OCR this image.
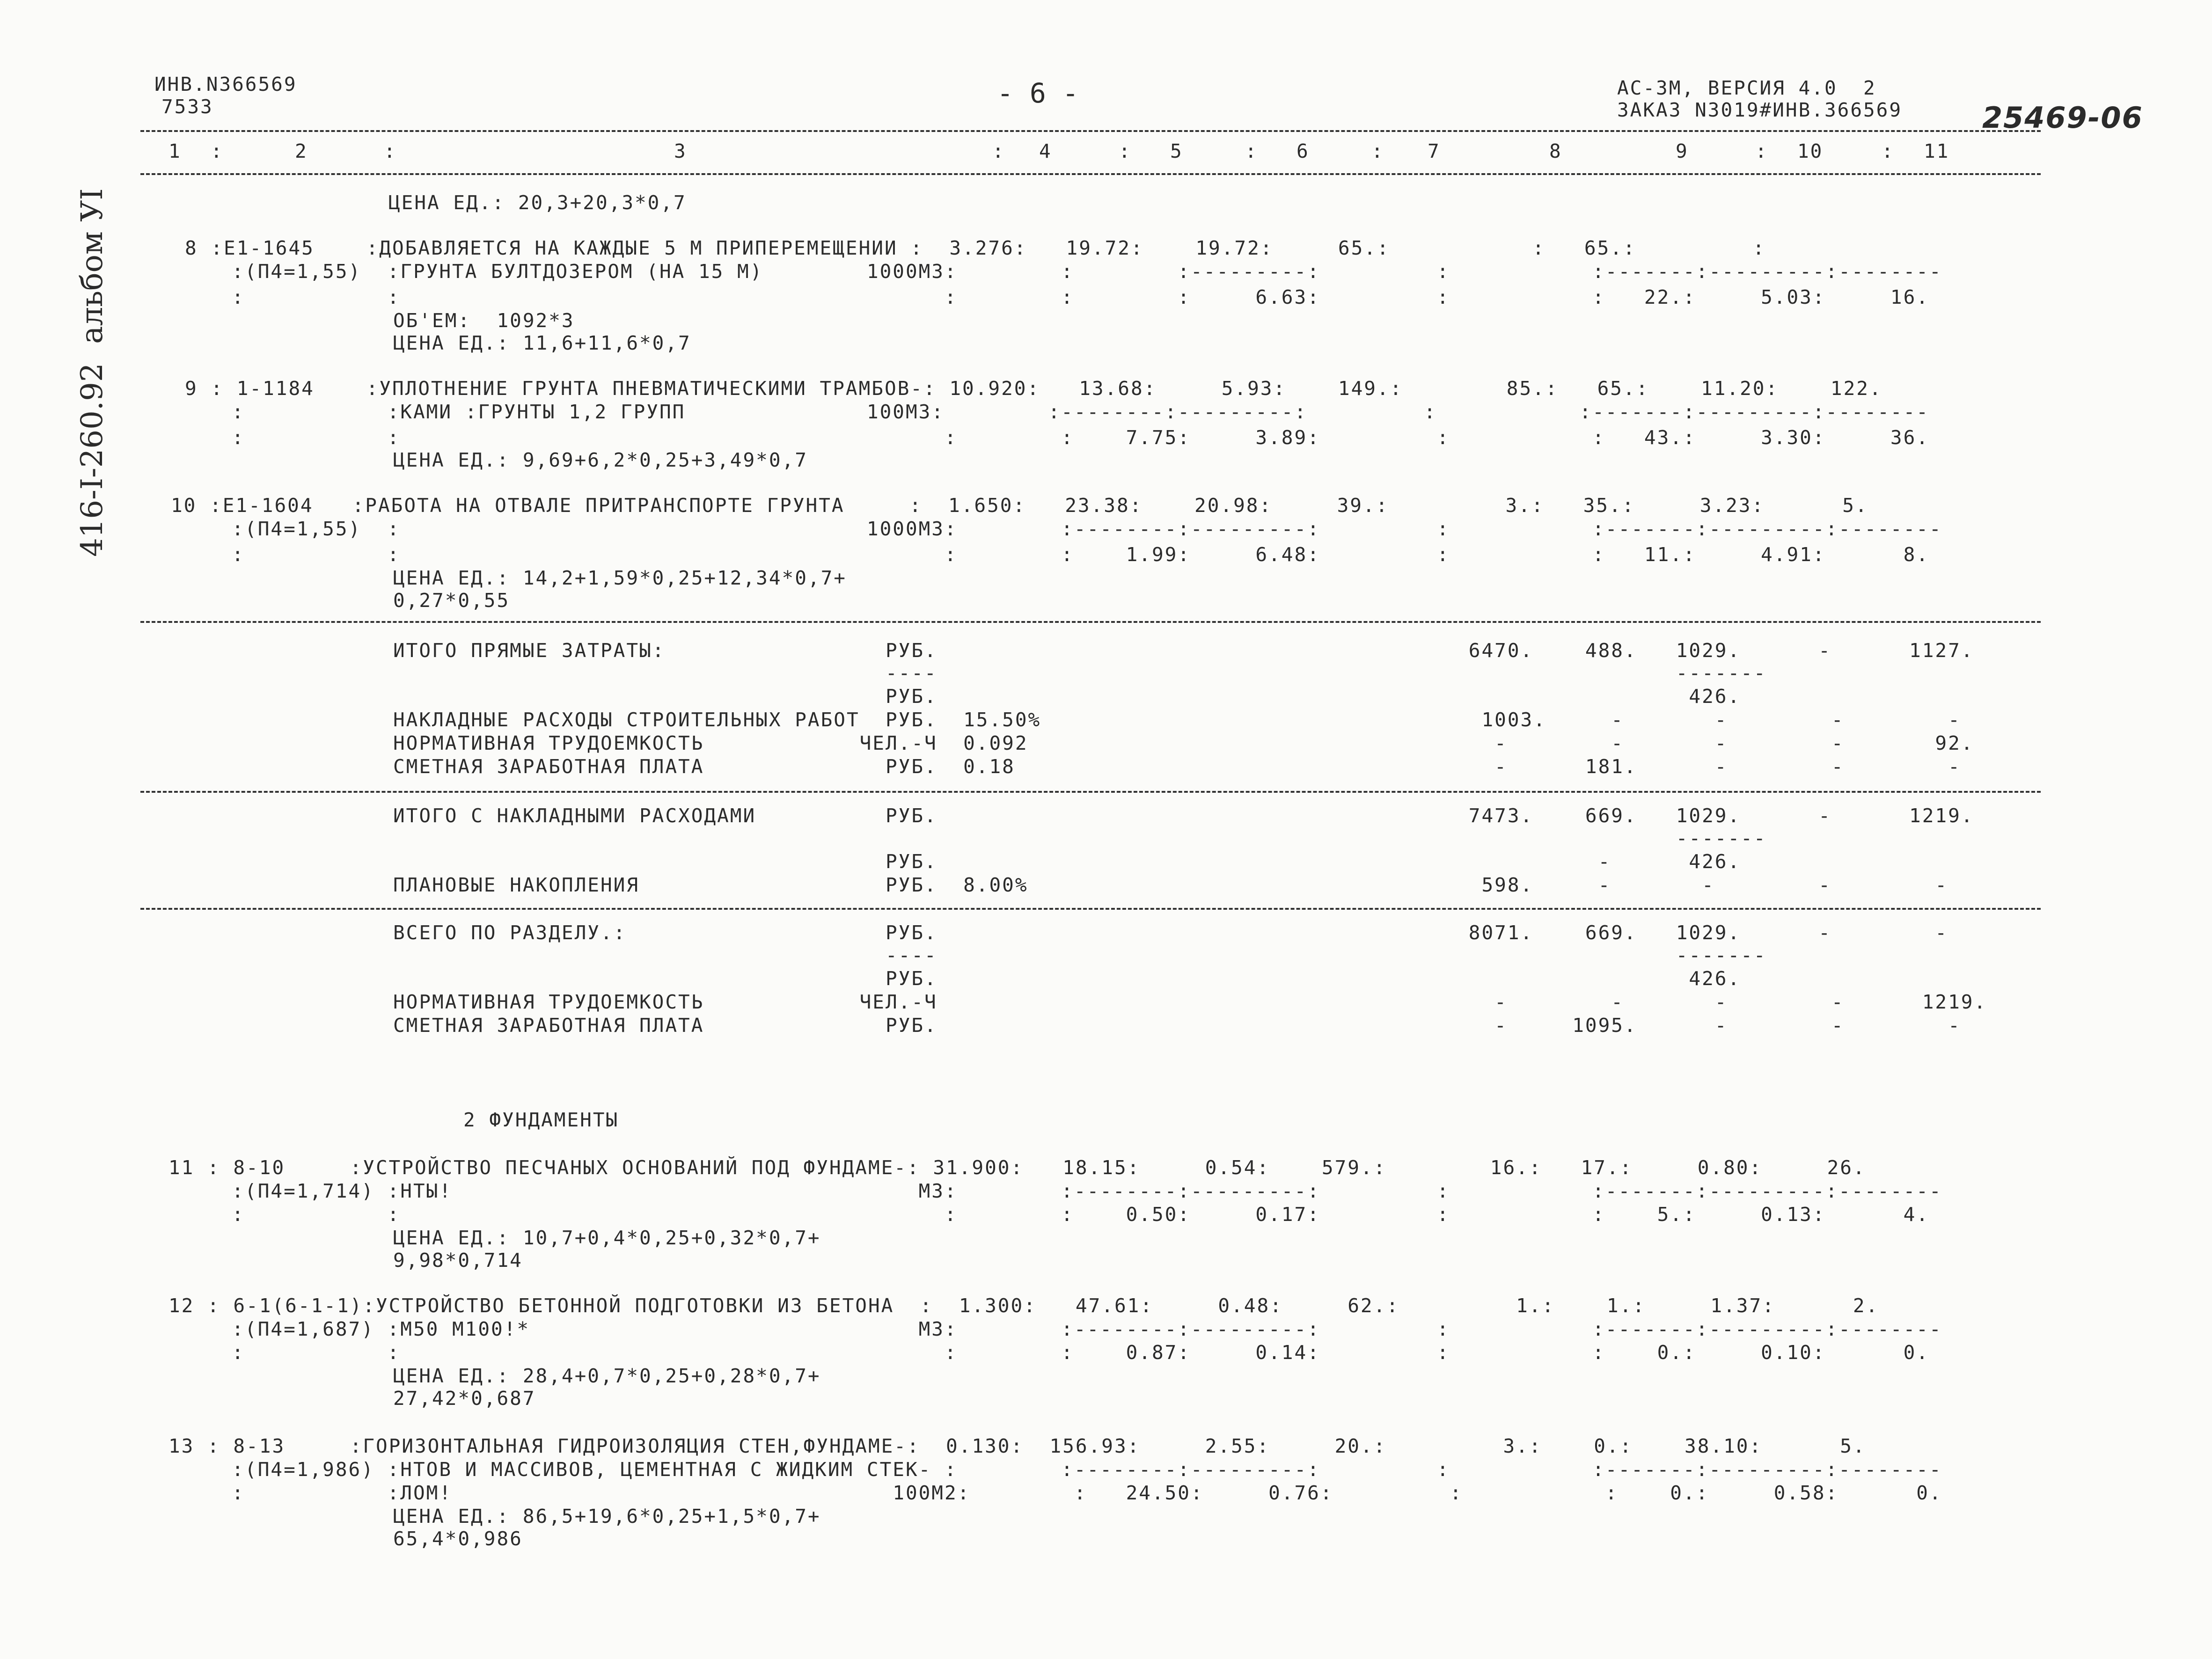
ИНВ.N366569
7533	- 6 -	АС-3М, ВЕРСИЯ 4.0  2
ЗАКАЗ N3019#ИНВ.366569	25469-06
416-I-260.92  альбом УI
1	2	3	4	5	6	7	8	9	10	11
:	:	:	:	:	:	:	:
ЦЕНА ЕД.: 20,3+20,3*0,7
8 :Е1-1645    :ДОБАВЛЯЕТСЯ НА КАЖДЫЕ 5 М ПРИПЕРЕМЕЩЕНИИ :  3.276:   19.72:    19.72:     65.:           :   65.:         :
:(П4=1,55)  :ГРУНТА БУЛТДОЗЕРОМ (НА 15 М)        1000М3:        :        :---------:         :           :-------:---------:--------
:           :                                          :        :        :     6.63:         :           :   22.:     5.03:     16.
ОБ'ЕМ:  1092*3
ЦЕНА ЕД.: 11,6+11,6*0,7
9 : 1-1184    :УПЛОТНЕНИЕ ГРУНТА ПНЕВМАТИЧЕСКИМИ ТРАМБОВ-: 10.920:   13.68:     5.93:    149.:        85.:   65.:    11.20:    122.
:           :КАМИ :ГРУНТЫ 1,2 ГРУПП              100М3:        :--------:---------:         :           :-------:---------:--------
:           :                                          :        :    7.75:     3.89:         :           :   43.:     3.30:     36.
ЦЕНА ЕД.: 9,69+6,2*0,25+3,49*0,7
10 :Е1-1604   :РАБОТА НА ОТВАЛЕ ПРИТРАНСПОРТЕ ГРУНТА     :  1.650:   23.38:    20.98:     39.:         3.:   35.:     3.23:      5.
:(П4=1,55)  :                                    1000М3:        :--------:---------:         :           :-------:---------:--------
:           :                                          :        :    1.99:     6.48:         :           :   11.:     4.91:      8.
ЦЕНА ЕД.: 14,2+1,59*0,25+12,34*0,7+
0,27*0,55
ИТОГО ПРЯМЫЕ ЗАТРАТЫ:                 РУБ.                                         6470.    488.   1029.      -      1127.
----                                                         -------
РУБ.                                                          426.
НАКЛАДНЫЕ РАСХОДЫ СТРОИТЕЛЬНЫХ РАБОТ  РУБ.  15.50%                                  1003.     -       -        -        -
НОРМАТИВНАЯ ТРУДОЕМКОСТЬ            ЧЕЛ.-Ч  0.092                                    -        -       -        -       92.
СМЕТНАЯ ЗАРАБОТНАЯ ПЛАТА              РУБ.  0.18                                     -      181.      -        -        -
ИТОГО С НАКЛАДНЫМИ РАСХОДАМИ          РУБ.                                         7473.    669.   1029.      -      1219.
-------
РУБ.                                                   -      426.
ПЛАНОВЫЕ НАКОПЛЕНИЯ                   РУБ.  8.00%                                   598.     -       -        -        -
ВСЕГО ПО РАЗДЕЛУ.:                    РУБ.                                         8071.    669.   1029.      -        -
----                                                         -------
РУБ.                                                          426.
НОРМАТИВНАЯ ТРУДОЕМКОСТЬ            ЧЕЛ.-Ч                                           -        -       -        -      1219.
СМЕТНАЯ ЗАРАБОТНАЯ ПЛАТА              РУБ.                                           -     1095.      -        -        -
2 ФУНДАМЕНТЫ
11 : 8-10     :УСТРОЙСТВО ПЕСЧАНЫХ ОСНОВАНИЙ ПОД ФУНДАМЕ-: 31.900:   18.15:     0.54:    579.:        16.:   17.:     0.80:     26.
:(П4=1,714) :НТЫ!                                    М3:        :--------:---------:         :           :-------:---------:--------
:           :                                          :        :    0.50:     0.17:         :           :    5.:     0.13:      4.
ЦЕНА ЕД.: 10,7+0,4*0,25+0,32*0,7+
9,98*0,714
12 : 6-1(6-1-1):УСТРОЙСТВО БЕТОННОЙ ПОДГОТОВКИ ИЗ БЕТОНА  :  1.300:   47.61:     0.48:     62.:         1.:    1.:     1.37:      2.
:(П4=1,687) :М50 М100!*                              М3:        :--------:---------:         :           :-------:---------:--------
:           :                                          :        :    0.87:     0.14:         :           :    0.:     0.10:      0.
ЦЕНА ЕД.: 28,4+0,7*0,25+0,28*0,7+
27,42*0,687
13 : 8-13     :ГОРИЗОНТАЛЬНАЯ ГИДРОИЗОЛЯЦИЯ СТЕН,ФУНДАМЕ-:  0.130:  156.93:     2.55:     20.:         3.:    0.:    38.10:      5.
:(П4=1,986) :НТОВ И МАССИВОВ, ЦЕМЕНТНАЯ С ЖИДКИМ СТЕК- :        :--------:---------:         :           :-------:---------:--------
:           :ЛОМ!                                  100М2:        :   24.50:     0.76:         :           :    0.:     0.58:      0.
ЦЕНА ЕД.: 86,5+19,6*0,25+1,5*0,7+
65,4*0,986
